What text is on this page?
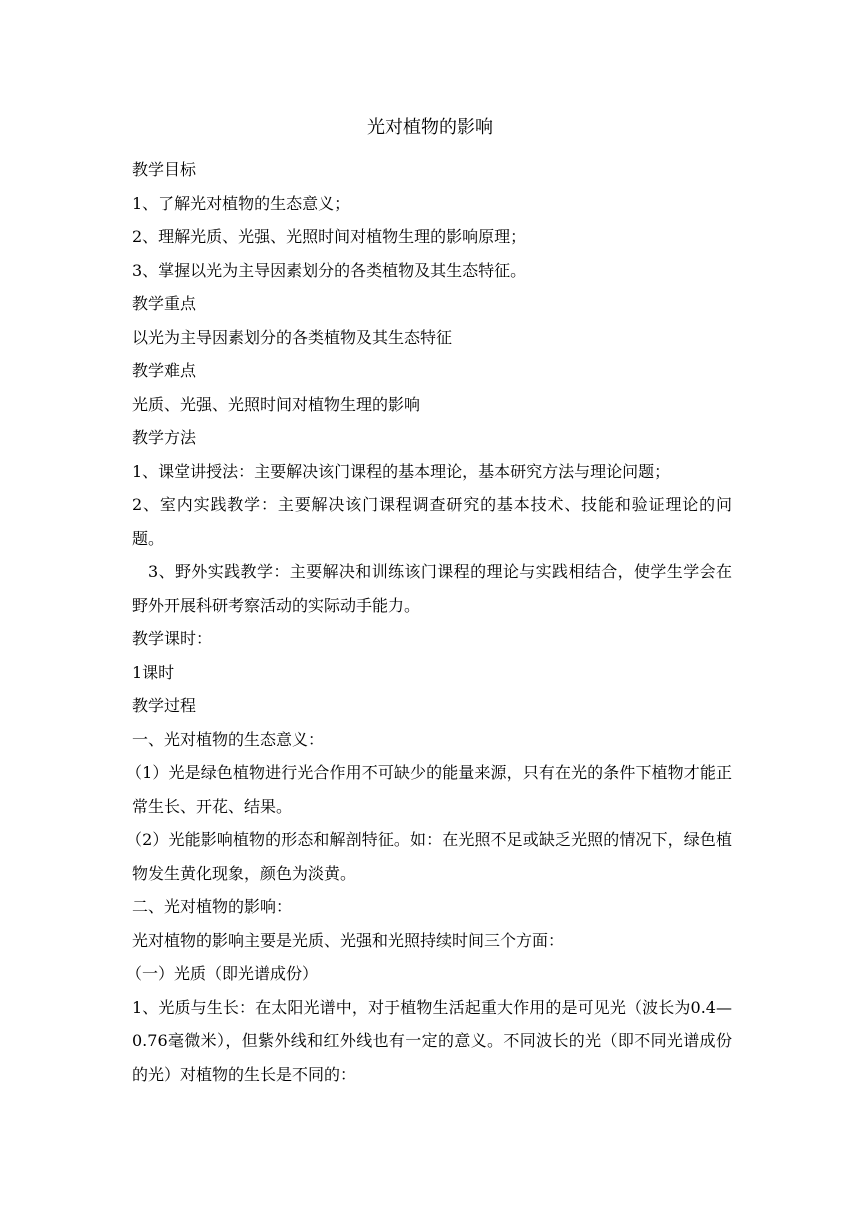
光对植物的影响

教学目标

1、了解光对植物的生态意义；

2、理解光质、光强、光照时间对植物生理的影响原理；

3、掌握以光为主导因素划分的各类植物及其生态特征。

教学重点

以光为主导因素划分的各类植物及其生态特征

教学难点

光质、光强、光照时间对植物生理的影响

教学方法

1、课堂讲授法：主要解决该门课程的基本理论，基本研究方法与理论问题；

2、室内实践教学：主要解决该门课程调查研究的基本技术、技能和验证理论的问题。

3、野外实践教学：主要解决和训练该门课程的理论与实践相结合，使学生学会在野外开展科研考察活动的实际动手能力。

教学课时：

1课时

教学过程

一、光对植物的生态意义：

（1）光是绿色植物进行光合作用不可缺少的能量来源，只有在光的条件下植物才能正常生长、开花、结果。

（2）光能影响植物的形态和解剖特征。如：在光照不足或缺乏光照的情况下，绿色植物发生黄化现象，颜色为淡黄。

二、光对植物的影响：

光对植物的影响主要是光质、光强和光照持续时间三个方面：

（一）光质（即光谱成份）

1、光质与生长：在太阳光谱中，对于植物生活起重大作用的是可见光（波长为0.4—0.76毫微米），但紫外线和红外线也有一定的意义。不同波长的光（即不同光谱成份的光）对植物的生长是不同的：
